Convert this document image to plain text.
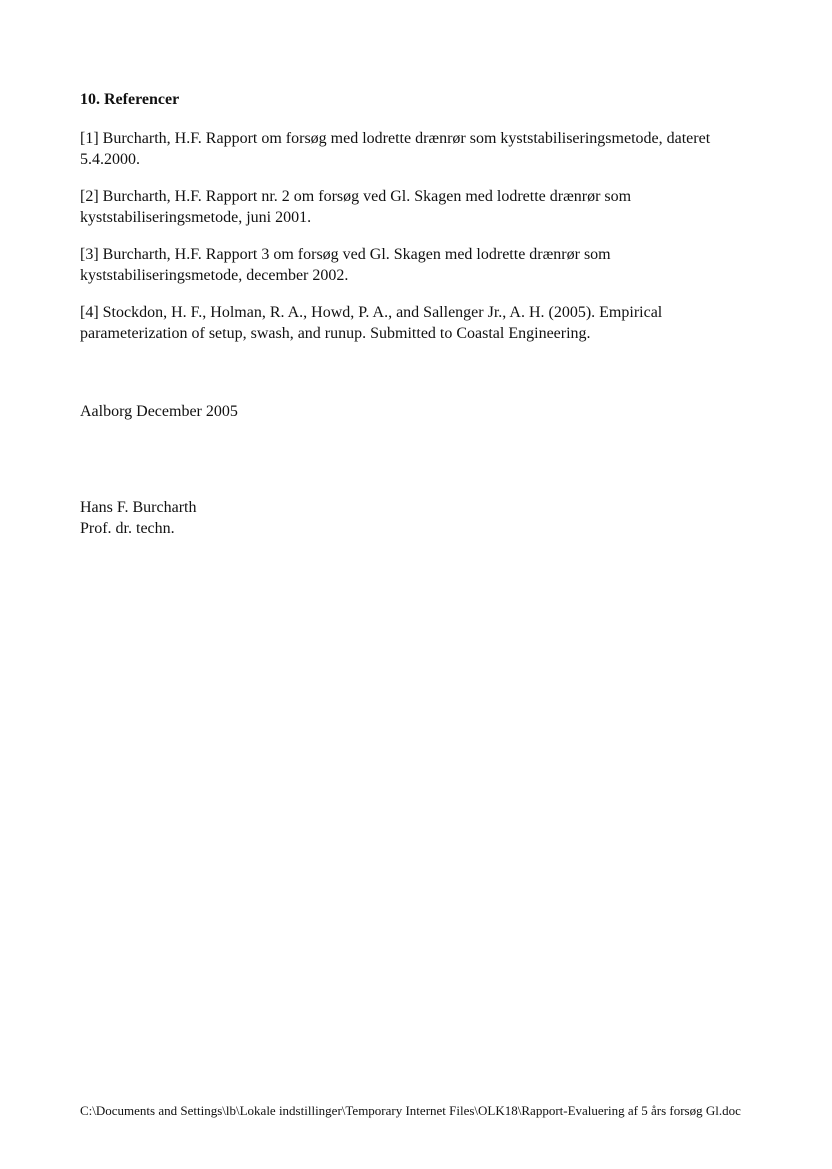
10. Referencer
[1] Burcharth, H.F. Rapport om forsøg med lodrette drænrør som kyststabiliseringsmetode, dateret 5.4.2000.
[2] Burcharth, H.F. Rapport nr. 2 om forsøg ved Gl. Skagen med lodrette drænrør som kyststabiliseringsmetode, juni 2001.
[3] Burcharth, H.F. Rapport 3 om forsøg ved Gl. Skagen med lodrette drænrør som kyststabiliseringsmetode, december 2002.
[4] Stockdon, H. F., Holman, R. A., Howd, P. A., and Sallenger Jr., A. H. (2005). Empirical parameterization of setup, swash, and runup. Submitted to Coastal Engineering.

Aalborg December 2005

Hans F. Burcharth
Prof. dr. techn.

C:\Documents and Settings\lb\Lokale indstillinger\Temporary Internet Files\OLK18\Rapport-Evaluering af 5 års forsøg Gl.doc
